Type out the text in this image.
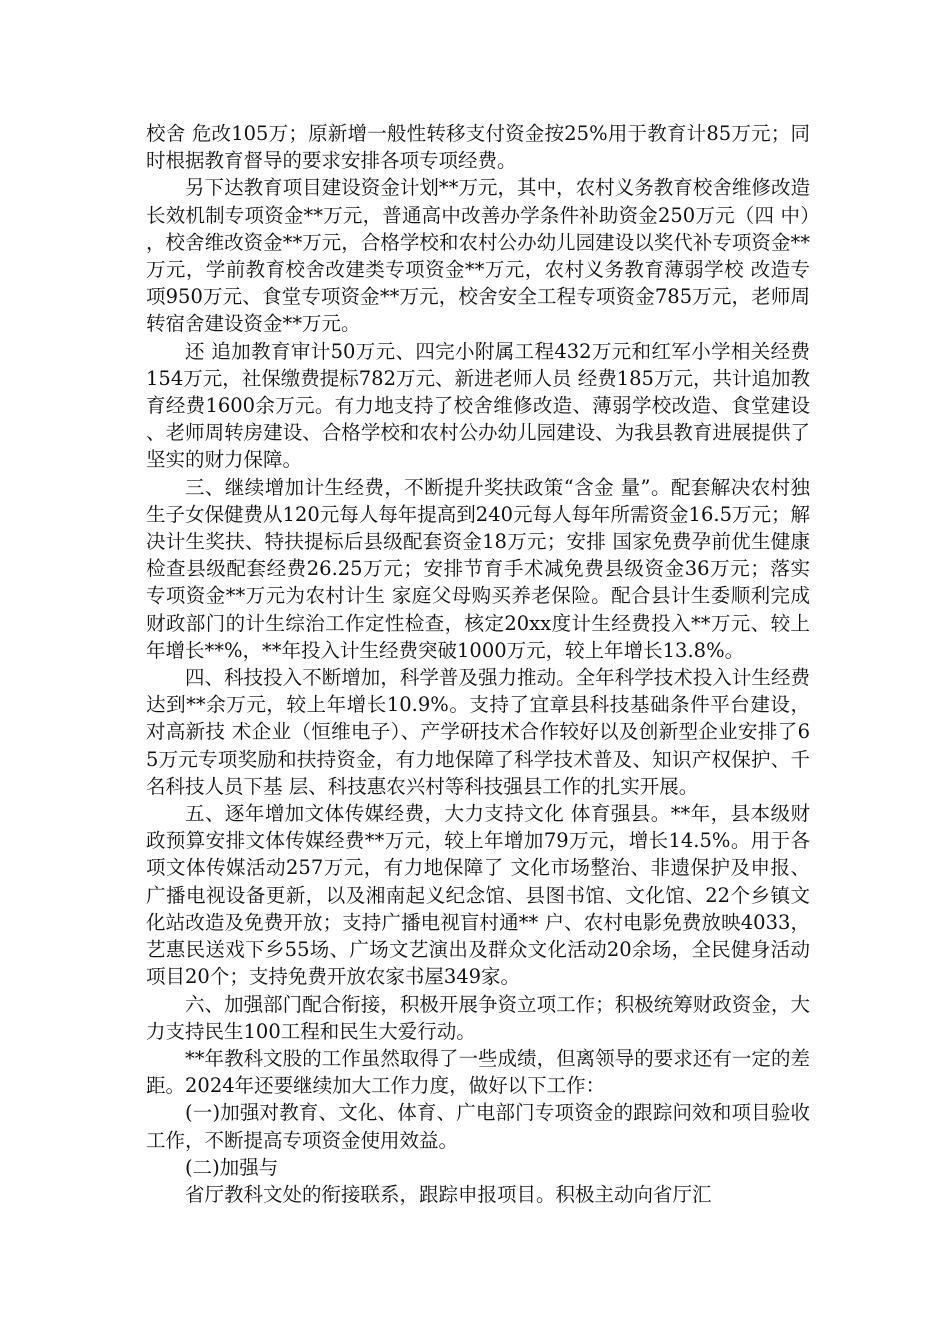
校舍 危改105万；原新增一般性转移支付资金按25%用于教育计85万元；同时根据教育督导的要求安排各项专项经费。

另下达教育项目建设资金计划**万元，其中，农村义务教育校舍维修改造长效机制专项资金**万元，普通高中改善办学条件补助资金250万元（四 中），校舍维改资金**万元，合格学校和农村公办幼儿园建设以奖代补专项资金**万元，学前教育校舍改建类专项资金**万元，农村义务教育薄弱学校 改造专项950万元、食堂专项资金**万元，校舍安全工程专项资金785万元，老师周转宿舍建设资金**万元。

还 追加教育审计50万元、四完小附属工程432万元和红军小学相关经费154万元，社保缴费提标782万元、新进老师人员 经费185万元，共计追加教育经费1600余万元。有力地支持了校舍维修改造、薄弱学校改造、食堂建设、老师周转房建设、合格学校和农村公办幼儿园建设、为我县教育进展提供了坚实的财力保障。

三、继续增加计生经费，不断提升奖扶政策“含金 量”。配套解决农村独生子女保健费从120元每人每年提高到240元每人每年所需资金16.5万元；解决计生奖扶、特扶提标后县级配套资金18万元；安排 国家免费孕前优生健康检查县级配套经费26.25万元；安排节育手术减免费县级资金36万元；落实专项资金**万元为农村计生 家庭父母购买养老保险。配合县计生委顺利完成财政部门的计生综治工作定性检查，核定20xx度计生经费投入**万元、较上年增长**%，**年投入计生经费突破1000万元，较上年增长13.8%。

四、科技投入不断增加，科学普及强力推动。全年科学技术投入计生经费达到**余万元，较上年增长10.9%。支持了宜章县科技基础条件平台建设，对高新技 术企业（恒维电子）、产学研技术合作较好以及创新型企业安排了65万元专项奖励和扶持资金，有力地保障了科学技术普及、知识产权保护、千名科技人员下基 层、科技惠农兴村等科技强县工作的扎实开展。

五、逐年增加文体传媒经费，大力支持文化 体育强县。**年，县本级财政预算安排文体传媒经费**万元，较上年增加79万元，增长14.5%。用于各项文体传媒活动257万元，有力地保障了 文化市场整治、非遗保护及申报、广播电视设备更新，以及湘南起义纪念馆、县图书馆、文化馆、22个乡镇文化站改造及免费开放；支持广播电视盲村通** 户、农村电影免费放映4033，艺惠民送戏下乡55场、广场文艺演出及群众文化活动20余场，全民健身活动项目20个；支持免费开放农家书屋349家。

六、加强部门配合衔接，积极开展争资立项工作；积极统筹财政资金，大力支持民生100工程和民生大爱行动。

**年教科文股的工作虽然取得了一些成绩，但离领导的要求还有一定的差距。2024年还要继续加大工作力度，做好以下工作：

(一)加强对教育、文化、体育、广电部门专项资金的跟踪问效和项目验收工作，不断提高专项资金使用效益。

(二)加强与

省厅教科文处的衔接联系，跟踪申报项目。积极主动向省厅汇
